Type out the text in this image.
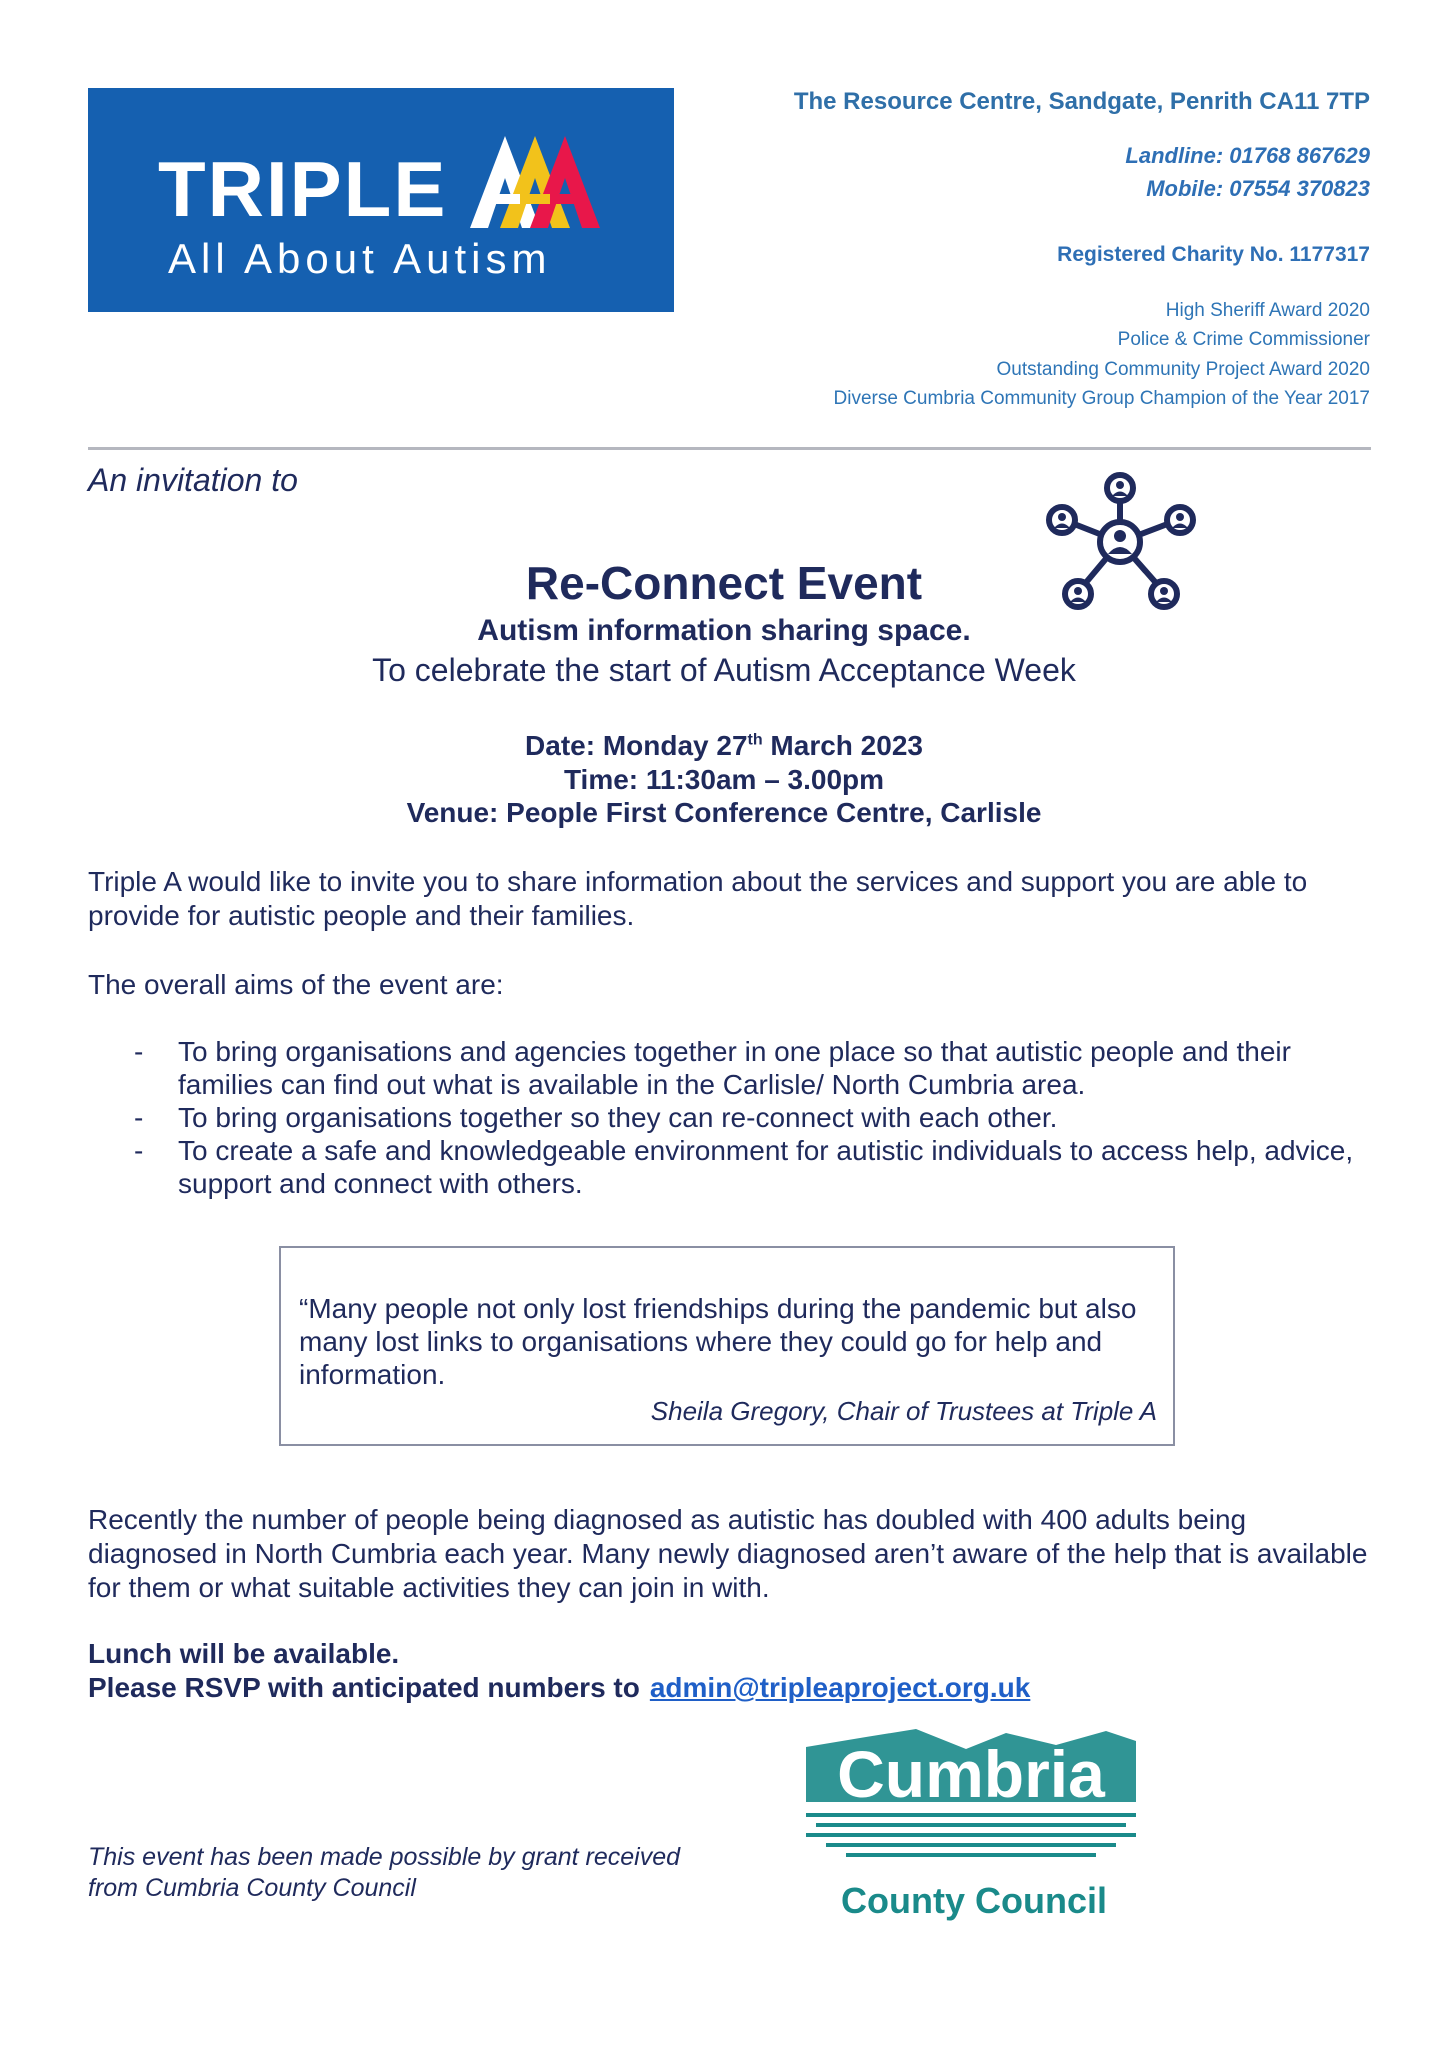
TRIPLE
All About Autism
The Resource Centre, Sandgate, Penrith CA11 7TP
Landline: 01768 867629
Mobile: 07554 370823
Registered Charity No. 1177317
High Sheriff Award 2020
Police & Crime Commissioner
Outstanding Community Project Award 2020
Diverse Cumbria Community Group Champion of the Year 2017
An invitation to
Re-Connect Event
Autism information sharing space.
To celebrate the start of Autism Acceptance Week
Date: Monday 27th March 2023
Time: 11:30am – 3.00pm
Venue: People First Conference Centre, Carlisle
Triple A would like to invite you to share information about the services and support you are able to provide for autistic people and their families.
The overall aims of the event are:
- To bring organisations and agencies together in one place so that autistic people and their families can find out what is available in the Carlisle/ North Cumbria area.
- To bring organisations together so they can re-connect with each other.
- To create a safe and knowledgeable environment for autistic individuals to access help, advice, support and connect with others.
“Many people not only lost friendships during the pandemic but also many lost links to organisations where they could go for help and information.
Sheila Gregory, Chair of Trustees at Triple A
Recently the number of people being diagnosed as autistic has doubled with 400 adults being diagnosed in North Cumbria each year. Many newly diagnosed aren’t aware of the help that is available for them or what suitable activities they can join in with.
Lunch will be available.
Please RSVP with anticipated numbers to admin@tripleaproject.org.uk
This event has been made possible by grant received from Cumbria County Council
Cumbria
County Council
